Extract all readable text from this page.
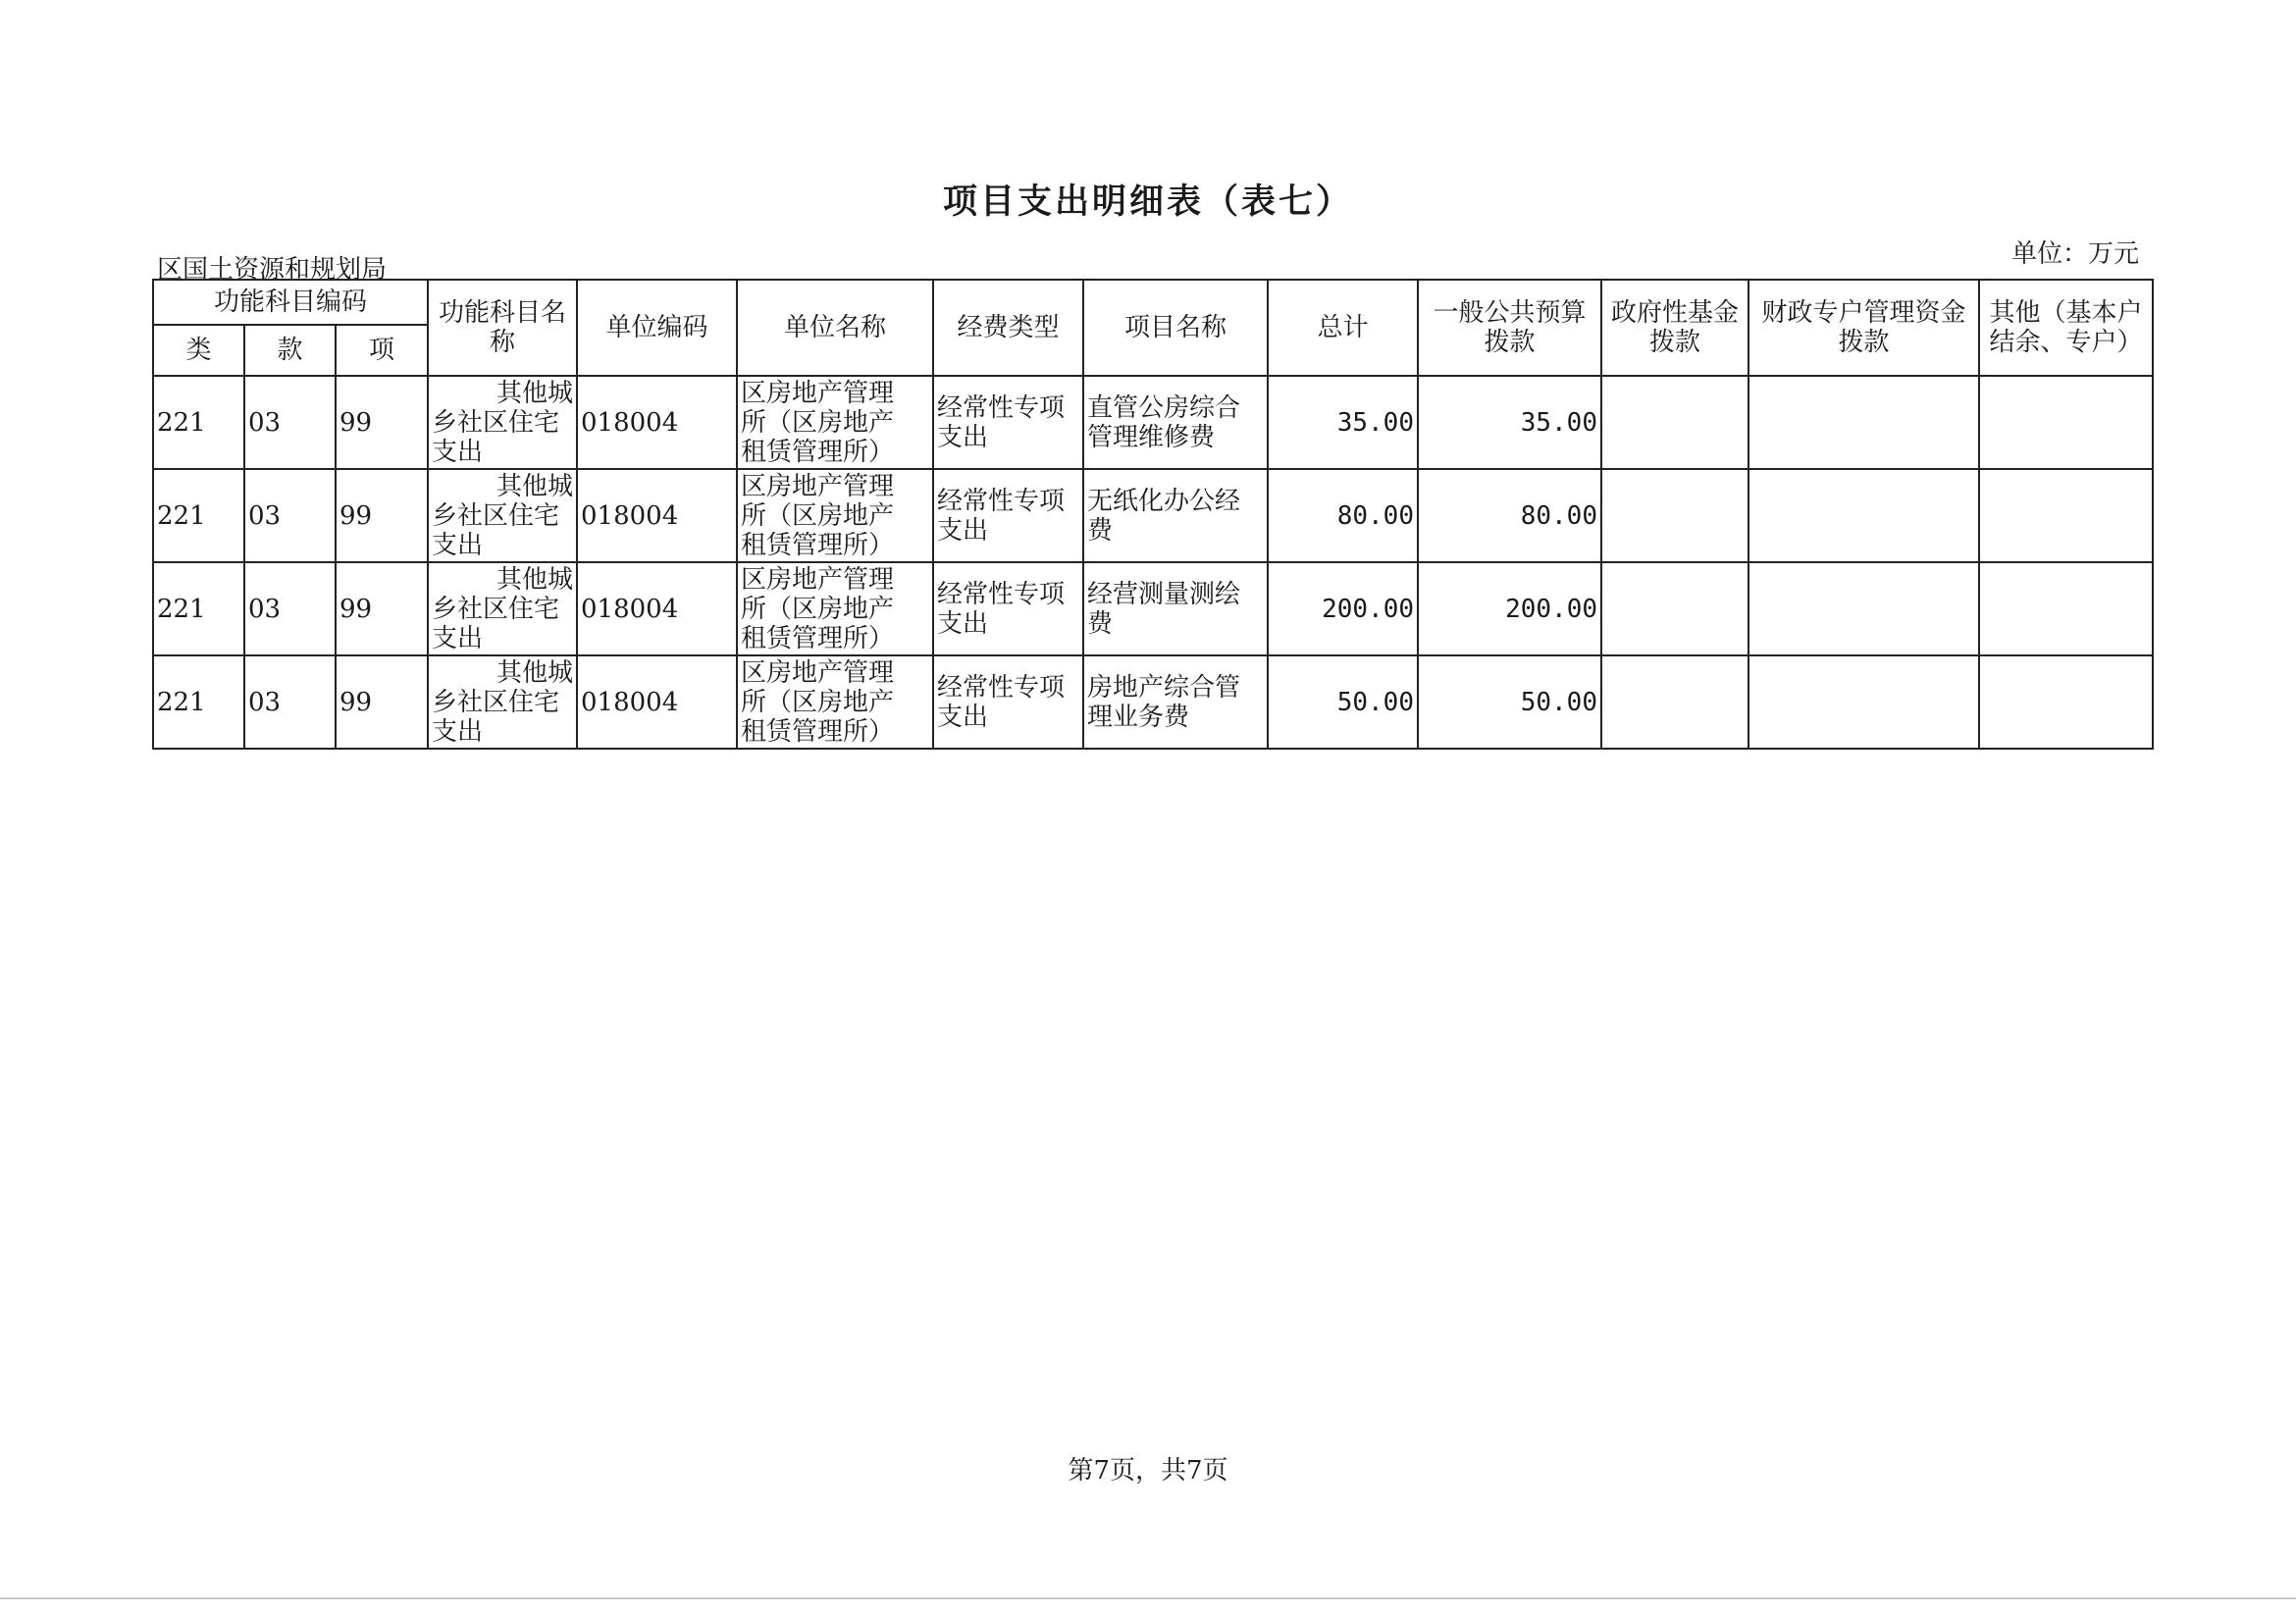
项目支出明细表（表七）
单位：万元
区国土资源和规划局
功能科目编码			功能科目名称	单位编码	单位名称	经费类型	项目名称	总计	一般公共预算拨款	政府性基金拨款	财政专户管理资金拨款	其他（基本户结余、专户）
类	款	项										
221	03	99	其他城
乡社区住宅
支出	018004	区房地产管理
所（区房地产
租赁管理所）	经常性专项
支出	直管公房综合
管理维修费	35.00	35.00			
221	03	99	其他城
乡社区住宅
支出	018004	区房地产管理
所（区房地产
租赁管理所）	经常性专项
支出	无纸化办公经
费	80.00	80.00			
221	03	99	其他城
乡社区住宅
支出	018004	区房地产管理
所（区房地产
租赁管理所）	经常性专项
支出	经营测量测绘
费	200.00	200.00			
221	03	99	其他城
乡社区住宅
支出	018004	区房地产管理
所（区房地产
租赁管理所）	经常性专项
支出	房地产综合管
理业务费	50.00	50.00			
第7页，共7页
